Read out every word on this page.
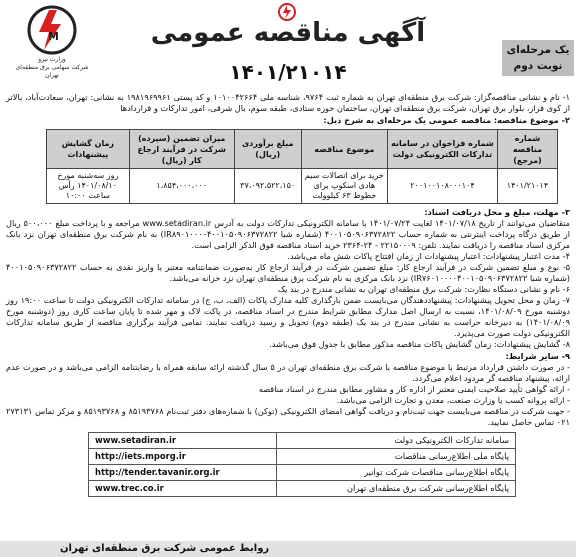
M
وزارت نیرو
شرکت سهامی برق منطقه‌ای تهران
آگهی مناقصه عمومی
۱۴۰۱/۲۱۰۱۴
یک مرحله‌ای
نوبت دوم

۱- نام و نشانی مناقصه‌گزار: شرکت برق منطقه‌ای تهران به شماره ثبت ۹۷۶۴، شناسه ملی ۱۰۱۰۰۴۲۶۶۴ و کد پستی ۱۹۸۱۹۶۹۹۶۱ به نشانی: تهران، سعادت‌آباد، بالاتر از کوی فراز، بلوار برق تهران، شرکت برق منطقه‌ای تهران، ساختمان حوزه ستادی، طبقه سوم، بال شرقی، امور تدارکات و قراردادها

۲- موضوع مناقصه: مناقصه عمومی یک مرحله‌ای به شرح ذیل:

شماره مناقصه (مرجع)	شماره فراخوان در سامانه تدارکات الکترونیکی دولت	موضوع مناقصه	مبلغ برآوردی (ریال)	میزان تضمین (سپرده) شرکت در فرآیند ارجاع کار (ریال)	زمان گشایش پیشنهادات
۱۴۰۱/۲۱۰۱۴	۲۰۰۱۰۰۱۰۸۰۰۰۱۰۴	خرید برای اتصالات سیم هادی اسکوپ برای خطوط ۶۳ کیلوولت	۳۷،۰۹۲،۵۲۲،۱۵۰	۱،۸۵۴،۰۰۰،۰۰۰	روز سه‌شنبه مورخ ۱۴۰۱/۰۸/۱۰ رأس ساعت ۱۰:۰۰

۳- مهلت، مبلغ و محل دریافت اسناد:

متقاضیان می‌توانند از تاریخ ۱۴۰۱/۰۷/۱۸ لغایت ۱۴۰۱/۰۷/۲۴ با سامانه الکترونیکی تدارکات دولت به آدرس www.setadiran.ir مراجعه و با پرداخت مبلغ ۵۰۰،۰۰۰ ریال از طریق درگاه پرداخت اینترنتی به شماره حساب ۴۰۰۱۰۵۰۹۰۶۳۷۲۸۲۲ (شماره شبا IR۸۹۰۱۰۰۰۰۴۰۰۱۰۵۰۹۰۶۳۷۲۸۲۲) به نام شرکت برق منطقه‌ای تهران نزد بانک مرکزی اسناد مناقصه را دریافت نمایند. تلفن: ۲۲۱۵۰۰۰۹ - ۲۴-۲۳۶۴ خرید اسناد مناقصه فوق الذکر الزامی است.

۴- مدت اعتبار پیشنهادات: اعتبار پیشنهادات از زمان افتتاح پاکات شش ماه می‌باشد.

۵- نوع و مبلغ تضمین شرکت در فرآیند ارجاع کار: مبلغ تضمین شرکت در فرآیند ارجاع کار به‌صورت ضمانتنامه معتبر یا واریز نقدی به حساب ۴۰۰۱۰۵۰۹۰۶۳۷۲۸۲۲ (شماره شبا IR۷۶۰۱۰۰۰۰۴۰۰۱۰۵۰۹۰۶۳۷۲۸۲۲) نزد بانک مرکزی به نام شرکت برق منطقه‌ای تهران نزد خزانه می‌باشد.

۶- نام و نشانی دستگاه نظارت: شرکت برق منطقه‌ای تهران به نشانی مندرج در بند یک

۷- زمان و محل تحویل پیشنهادات: پیشنهاددهندگان می‌بایست ضمن بارگذاری کلیه مدارک پاکات (الف، ب، ج) در سامانه تدارکات الکترونیکی دولت تا ساعت ۱۹:۰۰ روز دوشنبه مورخ ۱۴۰۱/۰۸/۰۹، نسبت به ارسال اصل مدارک مطابق شرایط مندرج در اسناد مناقصه، در پاکت لاک و مهر شده تا پایان ساعت کاری روز (دوشنبه مورخ ۱۴۰۱/۰۸/۰۹) به دبیرخانه حراست به نشانی مندرج در بند یک (طبقه دوم) تحویل و رسید دریافت نمایند. تمامی فرآیند برگزاری مناقصه از طریق سامانه تدارکات الکترونیکی دولت صورت می‌پذیرد.

۸- گشایش پیشنهادات: زمان گشایش پاکات مناقصه مذکور مطابق با جدول فوق می‌باشد.

۹- سایر شرایط:

- در صورت داشتن قرارداد مرتبط با موضوع مناقصه با شرکت برق منطقه‌ای تهران در ۵ سال گذشته ارائه سابقه همراه با رضایتنامه الزامی می‌باشد و در صورت عدم ارائه، پیشنهاد مناقصه گر مردود اعلام می‌گردد.

- ارائه گواهی تأیید صلاحیت ایمنی معتبر از اداره کار و مشاور مطابق مندرج در اسناد مناقصه

- ارائه پروانه کسب یا وزارت صنعت، معدن و تجارت الزامی می‌باشد.

- جهت شرکت در مناقصه می‌بایست جهت ثبت‌نام و دریافت گواهی امضای الکترونیکی (توکن) با شماره‌های دفتر ثبت‌نام ۸۵۱۹۳۷۶۸ و ۸۵۱۹۳۷۶۸ و مرکز تماس ۲۷۳۱۳۱ ۰۲۱ تماس حاصل نمایید.

سامانه تدارکات الکترونیکی دولت	www.setadiran.ir
پایگاه ملی اطلاع‌رسانی مناقصات	http://iets.mporg.ir
پایگاه اطلاع‌رسانی مناقصات شرکت توانیر	http://tender.tavanir.org.ir
پایگاه اطلاع‌رسانی شرکت برق منطقه‌ای تهران	www.trec.co.ir
روابط عمومی شرکت برق منطقه‌ای تهران
